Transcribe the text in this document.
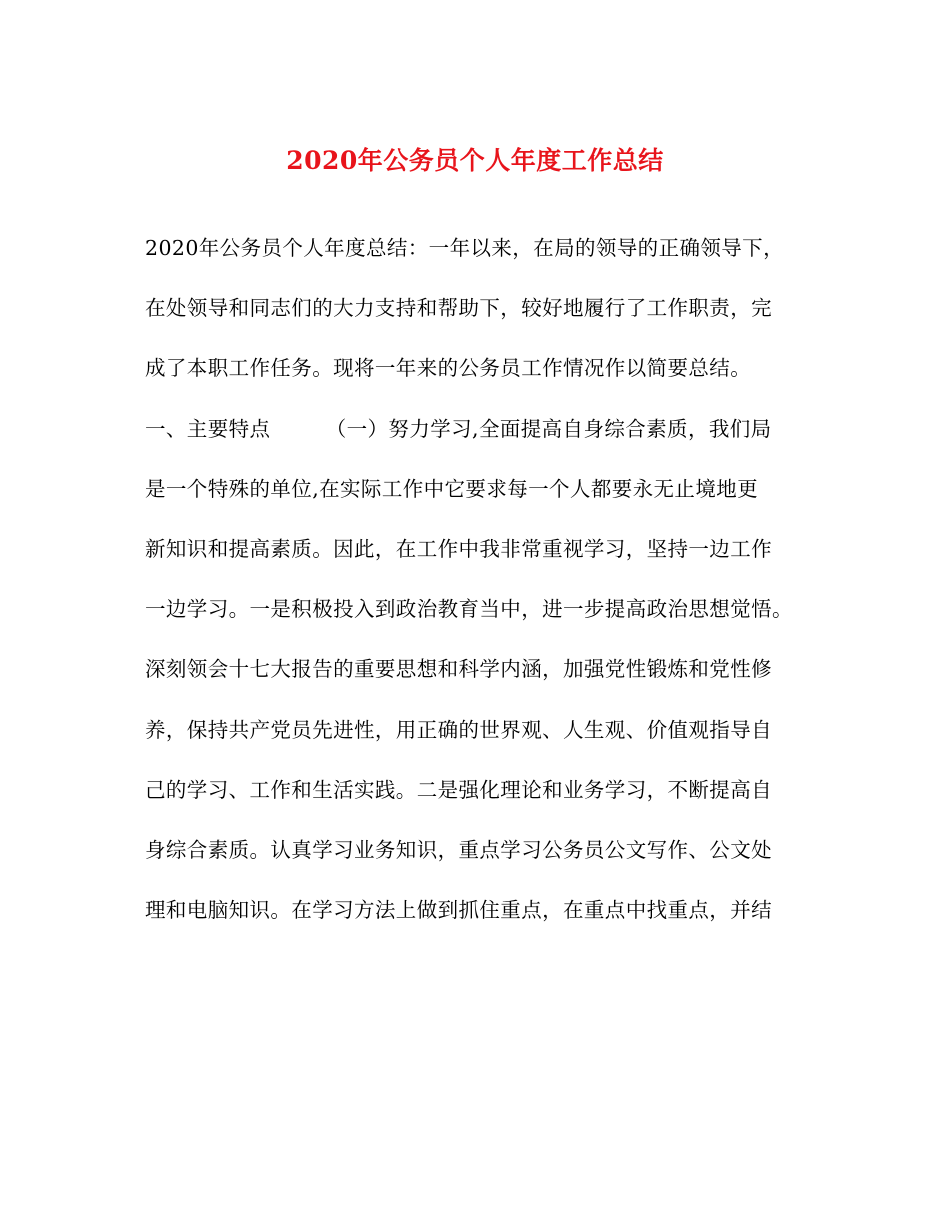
2020年公务员个人年度工作总结
2020年公务员个人年度总结：一年以来，在局的领导的正确领导下，
在处领导和同志们的大力支持和帮助下，较好地履行了工作职责，完
成了本职工作任务。现将一年来的公务员工作情况作以简要总结。
一、主要特点        （一）努力学习,全面提高自身综合素质，我们局
是一个特殊的单位,在实际工作中它要求每一个人都要永无止境地更
新知识和提高素质。因此，在工作中我非常重视学习，坚持一边工作
一边学习。一是积极投入到政治教育当中，进一步提高政治思想觉悟。
深刻领会十七大报告的重要思想和科学内涵，加强党性锻炼和党性修
养，保持共产党员先进性，用正确的世界观、人生观、价值观指导自
己的学习、工作和生活实践。二是强化理论和业务学习，不断提高自
身综合素质。认真学习业务知识，重点学习公务员公文写作、公文处
理和电脑知识。在学习方法上做到抓住重点，在重点中找重点，并结
